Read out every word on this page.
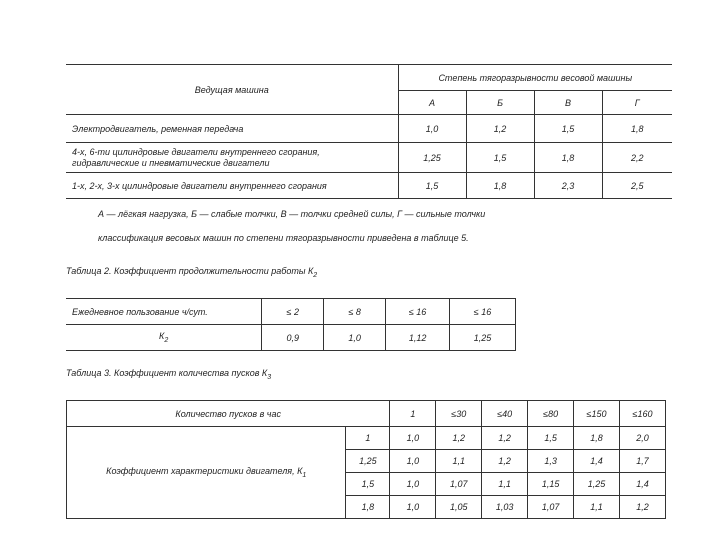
Ведущая машина	Степень тягоразрывности весовой машины			
	А	Б	В	Г
Электродвигатель, ременная передача	1,0	1,2	1,5	1,8

4-х, 6-ти цилиндровые двигатели внутреннего сгорания,
гидравлические и пневматические двигатели	1,25	1,5	1,8	2,2
1-х, 2-х, 3-х цилиндровые двигатели внутреннего сгорания	1,5	1,8	2,3	2,5
А — лёгкая нагрузка, Б — слабые толчки, В — толчки средней силы, Г — сильные толчки
классификация весовых машин по степени тягоразрывности приведена в таблице 5.
Таблица 2. Коэффициент продолжительности работы $К_2$
Ежедневное пользование ч/сут.	≤ 2	≤ 8	≤ 16	≤ 16
$К_2$	0,9	1,0	1,12	1,25
Таблица 3. Коэффициент количества пусков $К_3$
Количество пусков в час		1	≤30	≤40	≤80	≤150	≤160
Коэффициент характеристики двигателя, $К_1$	1	1,0	1,2	1,2	1,5	1,8	2,0
	1,25	1,0	1,1	1,2	1,3	1,4	1,7
	1,5	1,0	1,07	1,1	1,15	1,25	1,4
	1,8	1,0	1,05	1,03	1,07	1,1	1,2
